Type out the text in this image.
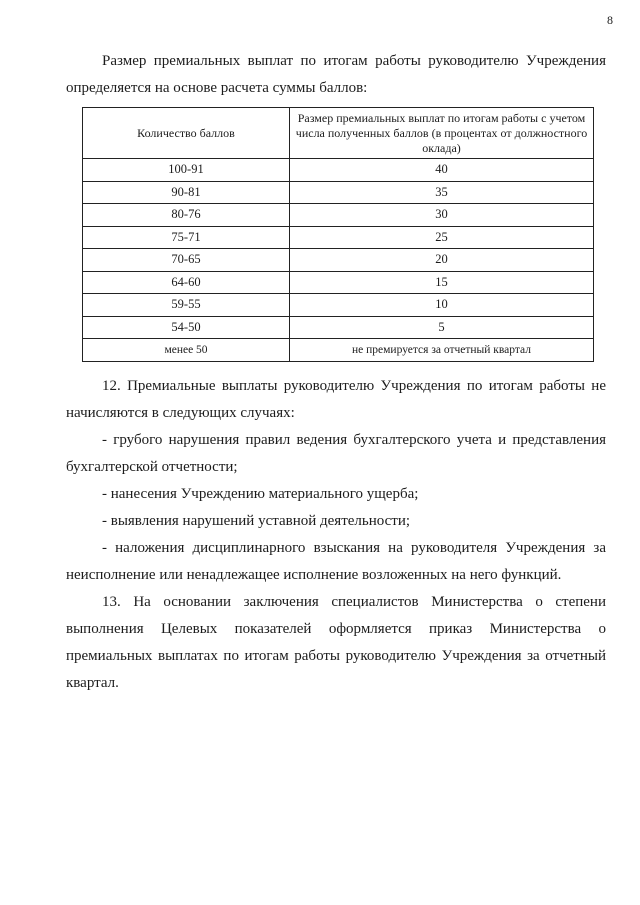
8

Размер премиальных выплат по итогам работы руководителю Учреждения определяется на основе расчета суммы баллов:

Количество баллов	Размер премиальных выплат по итогам работы с учетом числа полученных баллов (в процентах от должностного оклада)
100-91	40
90-81	35
80-76	30
75-71	25
70-65	20
64-60	15
59-55	10
54-50	5
менее 50	не премируется за отчетный квартал

12. Премиальные выплаты руководителю Учреждения по итогам работы не начисляются в следующих случаях:

- грубого нарушения правил ведения бухгалтерского учета и представления бухгалтерской отчетности;

- нанесения Учреждению материального ущерба;

- выявления нарушений уставной деятельности;

- наложения дисциплинарного взыскания на руководителя Учреждения за неисполнение или ненадлежащее исполнение возложенных на него функций.

13. На основании заключения специалистов Министерства о степени выполнения Целевых показателей оформляется приказ Министерства о премиальных выплатах по итогам работы руководителю Учреждения за отчетный квартал.
